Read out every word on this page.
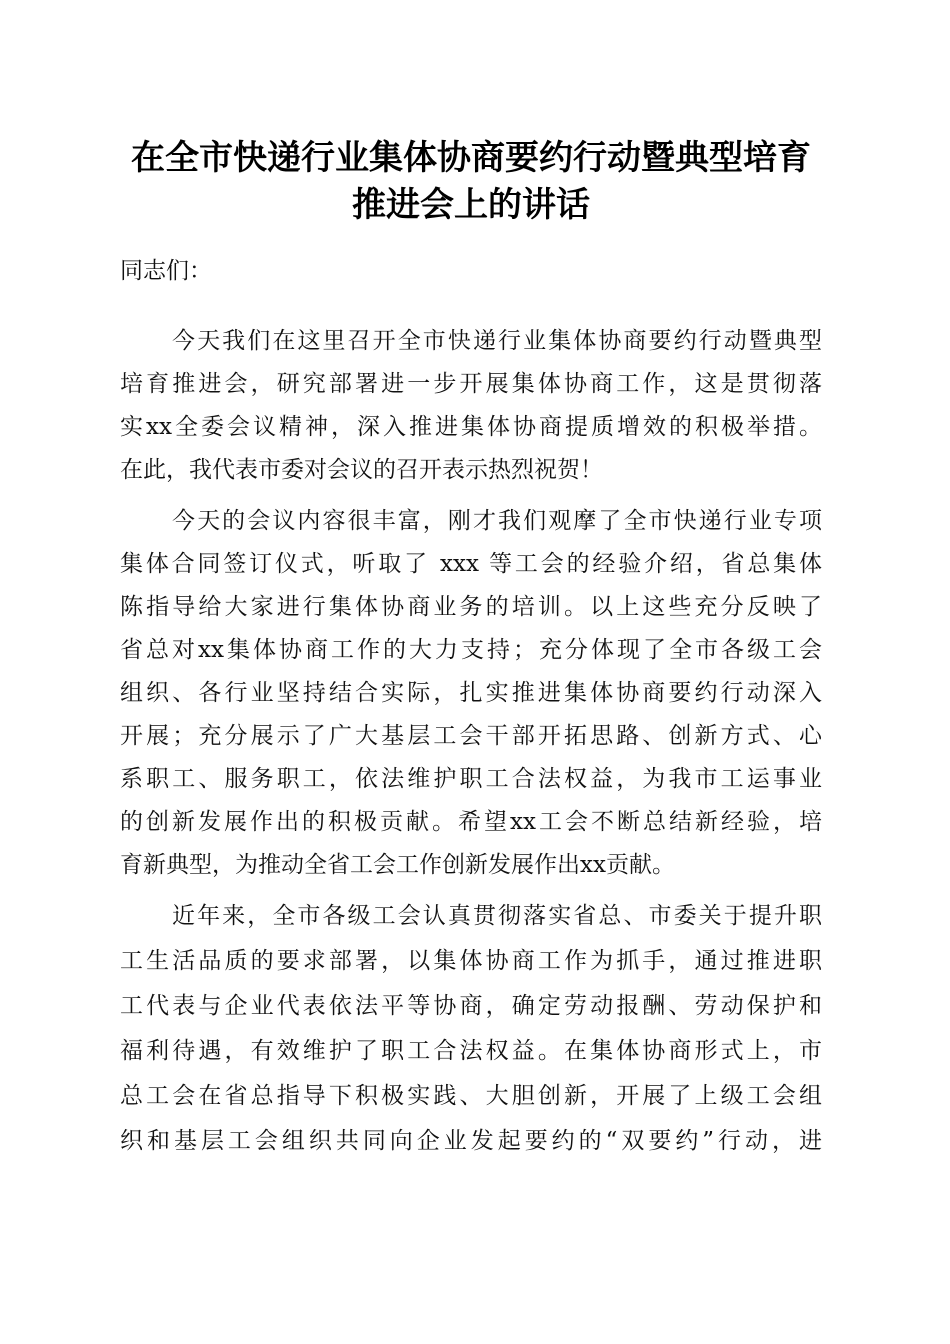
在全市快递行业集体协商要约行动暨典型培育
推进会上的讲话
同志们：
今天我们在这里召开全市快递行业集体协商要约行动暨典型
培育推进会，研究部署进一步开展集体协商工作，这是贯彻落
实xx全委会议精神，深入推进集体协商提质增效的积极举措。
在此，我代表市委对会议的召开表示热烈祝贺！
今天的会议内容很丰富，刚才我们观摩了全市快递行业专项
集体合同签订仪式，听取了 xxx 等工会的经验介绍，省总集体
陈指导给大家进行集体协商业务的培训。以上这些充分反映了
省总对xx集体协商工作的大力支持；充分体现了全市各级工会
组织、各行业坚持结合实际，扎实推进集体协商要约行动深入
开展；充分展示了广大基层工会干部开拓思路、创新方式、心
系职工、服务职工，依法维护职工合法权益，为我市工运事业
的创新发展作出的积极贡献。希望xx工会不断总结新经验，培
育新典型，为推动全省工会工作创新发展作出xx贡献。
近年来，全市各级工会认真贯彻落实省总、市委关于提升职
工生活品质的要求部署，以集体协商工作为抓手，通过推进职
工代表与企业代表依法平等协商，确定劳动报酬、劳动保护和
福利待遇，有效维护了职工合法权益。在集体协商形式上，市
总工会在省总指导下积极实践、大胆创新，开展了上级工会组
织和基层工会组织共同向企业发起要约的“双要约”行动，进
